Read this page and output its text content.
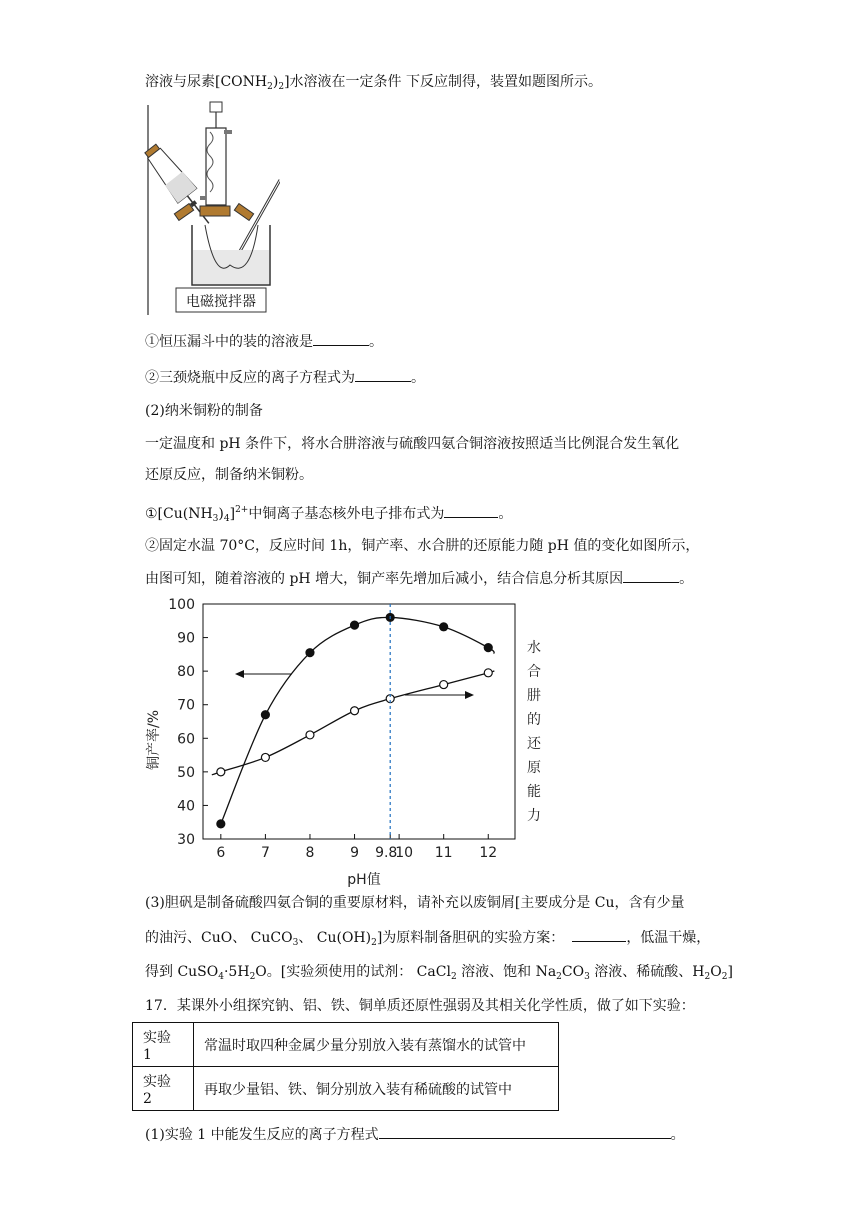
溶液与尿素$[CONH_2)_2$]水溶液在一定条件 下反应制得，装置如题图所示。
电磁搅拌器
①恒压漏斗中的装的溶液是	。
②三颈烧瓶中反应的离子方程式为	。
(2)纳米铜粉的制备
一定温度和 pH 条件下，将水合肼溶液与硫酸四氨合铜溶液按照适当比例混合发生氧化
还原反应，制备纳米铜粉。
$①[Cu(NH_3)_4]^{2+}$中铜离子基态核外电子排布式为	。
②固定水温 70°C，反应时间 1h，铜产率、水合肼的还原能力随 pH 值的变化如图所示，
由图可知，随着溶液的 pH 增大，铜产率先增加后减小，结合信息分析其原因	。
30
40
50
60
70
80
90
100
6	7	8	9 9.8
10 11 12
铜产率/%
pH值
水
合
肼
的
还
原
能
力
(3)胆矾是制备硫酸四氨合铜的重要原材料，请补充以废铜屑[主要成分是 Cu，含有少量
的油污、CuO、 CuCO$_3$、 $Cu(OH)_2$]为原料制备胆矾的实验方案：	，低温干燥，
得到 $CuSO_4\cdot 5H_2O$。[实验须使用的试剂： CaCl$_2$ 溶液、饱和 $Na_2CO_3$ 溶液、稀硫酸、$H_2O_2$]
17．某课外小组探究钠、铝、铁、铜单质还原性强弱及其相关化学性质，做了如下实验：
实验 1	常温时取四种金属少量分别放入装有蒸馏水的试管中
实验 2	再取少量铝、铁、铜分别放入装有稀硫酸的试管中
(1)实验 1 中能发生反应的离子方程式	。
